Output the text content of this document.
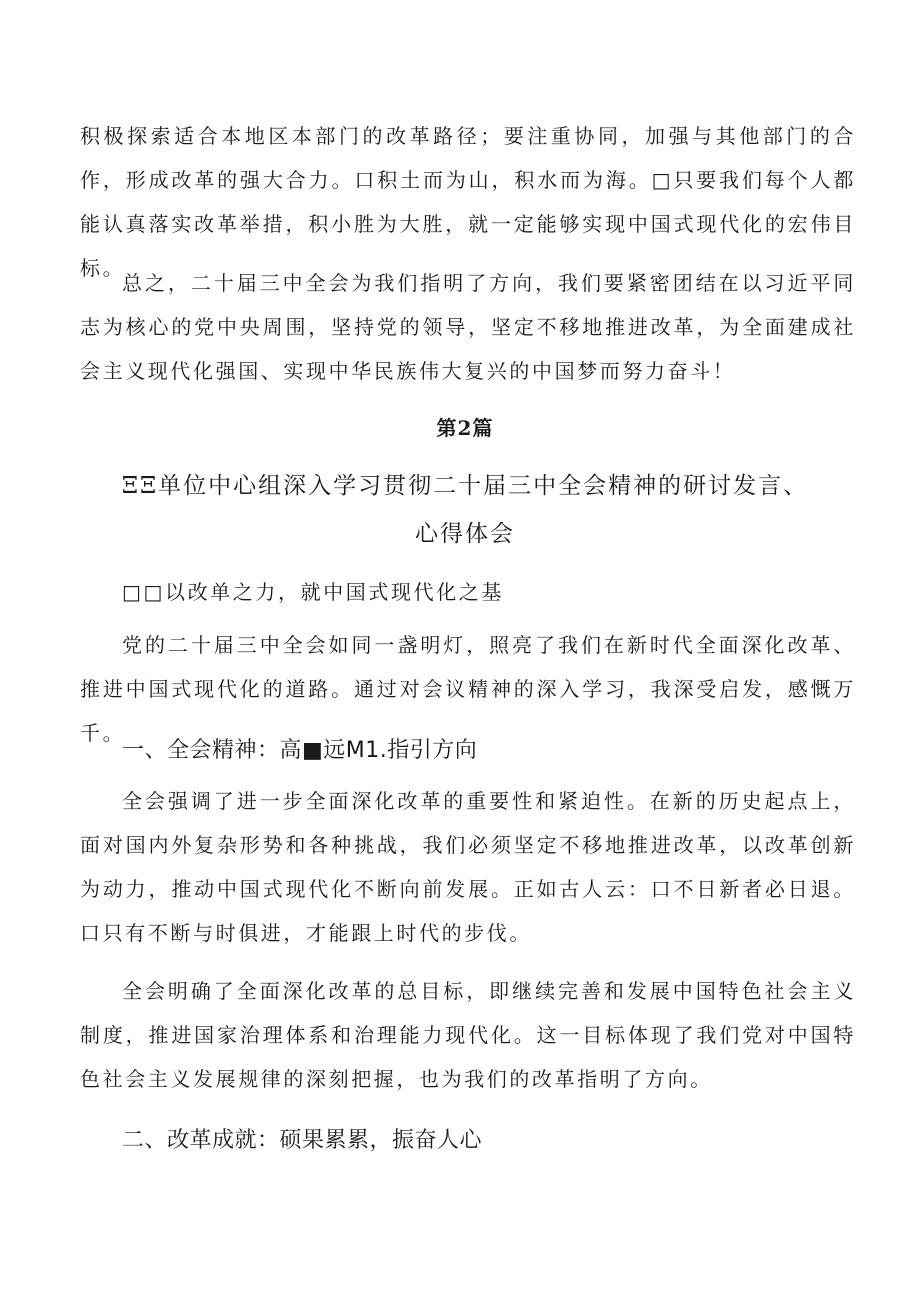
积极探索适合本地区本部门的改革路径；要注重协同，加强与其他部门的合作，形成改革的强大合力。口积土而为山，积水而为海。□只要我们每个人都能认真落实改革举措，积小胜为大胜，就一定能够实现中国式现代化的宏伟目标。

总之，二十届三中全会为我们指明了方向，我们要紧密团结在以习近平同志为核心的党中央周围，坚持党的领导，坚定不移地推进改革，为全面建成社会主义现代化强国、实现中华民族伟大复兴的中国梦而努力奋斗！

第2篇
ΞΞ单位中心组深入学习贯彻二十届三中全会精神的研讨发言、
心得体会

□□以改单之力，就中国式现代化之基

党的二十届三中全会如同一盏明灯，照亮了我们在新时代全面深化改革、推进中国式现代化的道路。通过对会议精神的深入学习，我深受启发，感慨万千。

一、全会精神：高■远M1.指引方向

全会强调了进一步全面深化改革的重要性和紧迫性。在新的历史起点上，面对国内外复杂形势和各种挑战，我们必须坚定不移地推进改革，以改革创新为动力，推动中国式现代化不断向前发展。正如古人云：口不日新者必日退。口只有不断与时俱进，才能跟上时代的步伐。

全会明确了全面深化改革的总目标，即继续完善和发展中国特色社会主义制度，推进国家治理体系和治理能力现代化。这一目标体现了我们党对中国特色社会主义发展规律的深刻把握，也为我们的改革指明了方向。

二、改革成就：硕果累累，振奋人心
